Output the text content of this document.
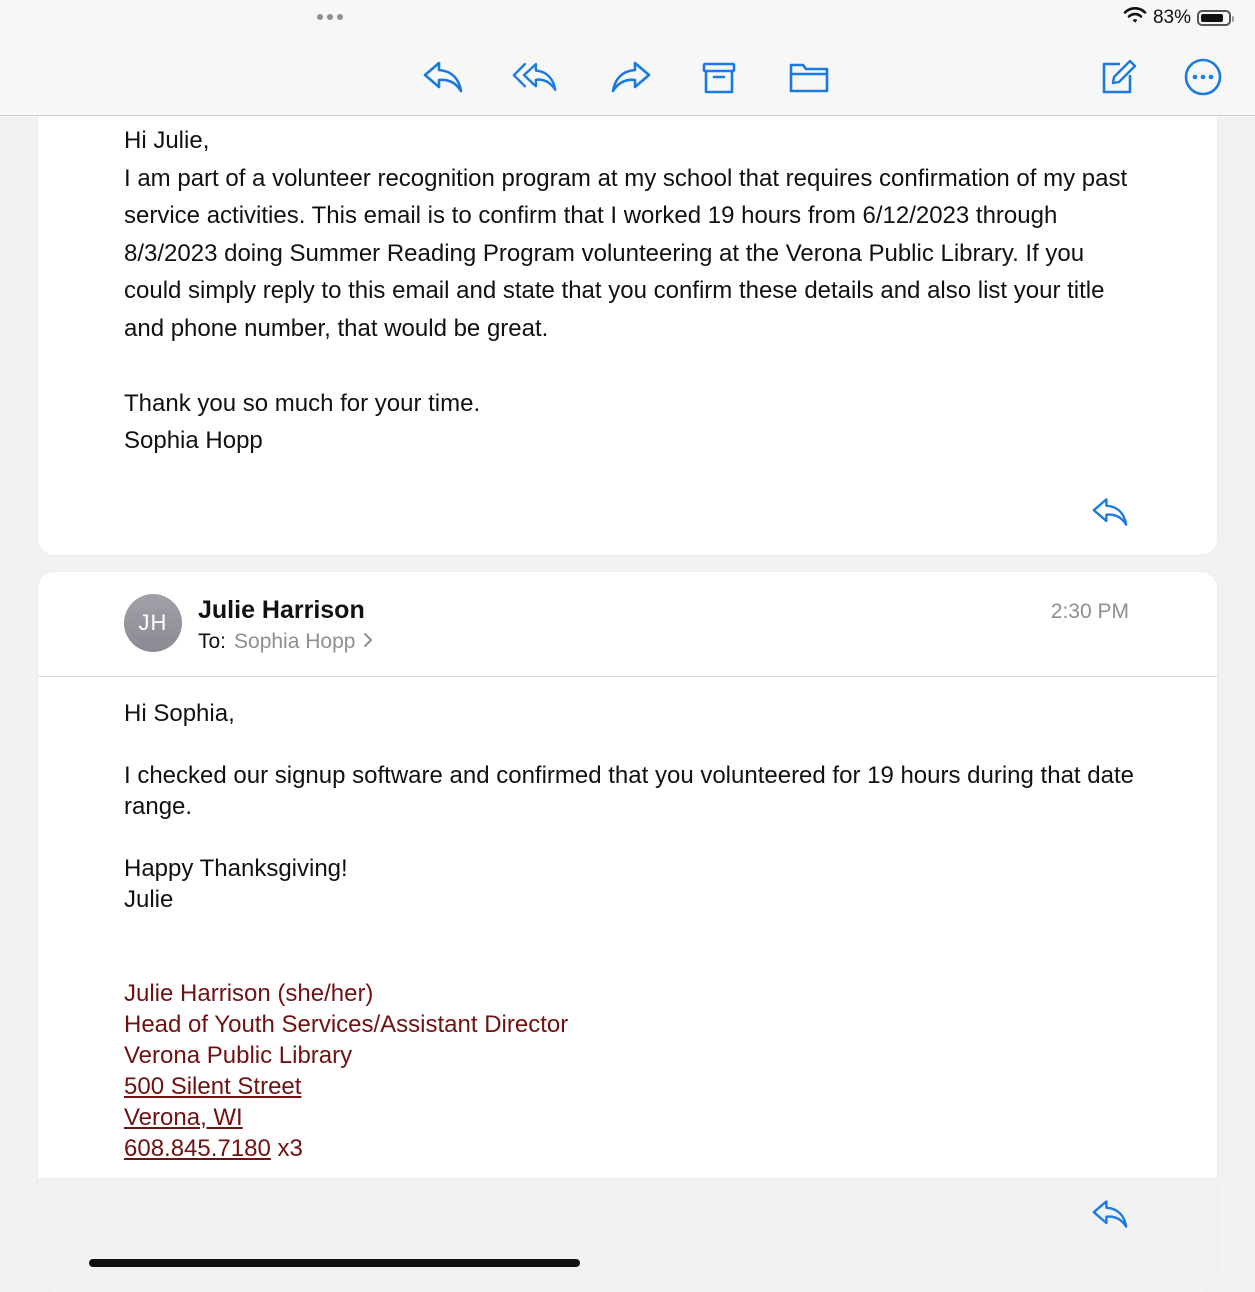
83%

Hi Julie,

I am part of a volunteer recognition program at my school that requires confirmation of my past service activities. This email is to confirm that I worked 19 hours from 6/12/2023 through 8/3/2023 doing Summer Reading Program volunteering at the Verona Public Library. If you could simply reply to this email and state that you confirm these details and also list your title and phone number, that would be great.

Thank you so much for your time.

Sophia Hopp

JH	Julie Harrison
To: Sophia Hopp
2:30 PM

Hi Sophia,

I checked our signup software and confirmed that you volunteered for 19 hours during that date range.

Happy Thanksgiving!

Julie

Julie Harrison (she/her)
Head of Youth Services/Assistant Director
Verona Public Library
500 Silent Street
Verona, WI
608.845.7180 x3
